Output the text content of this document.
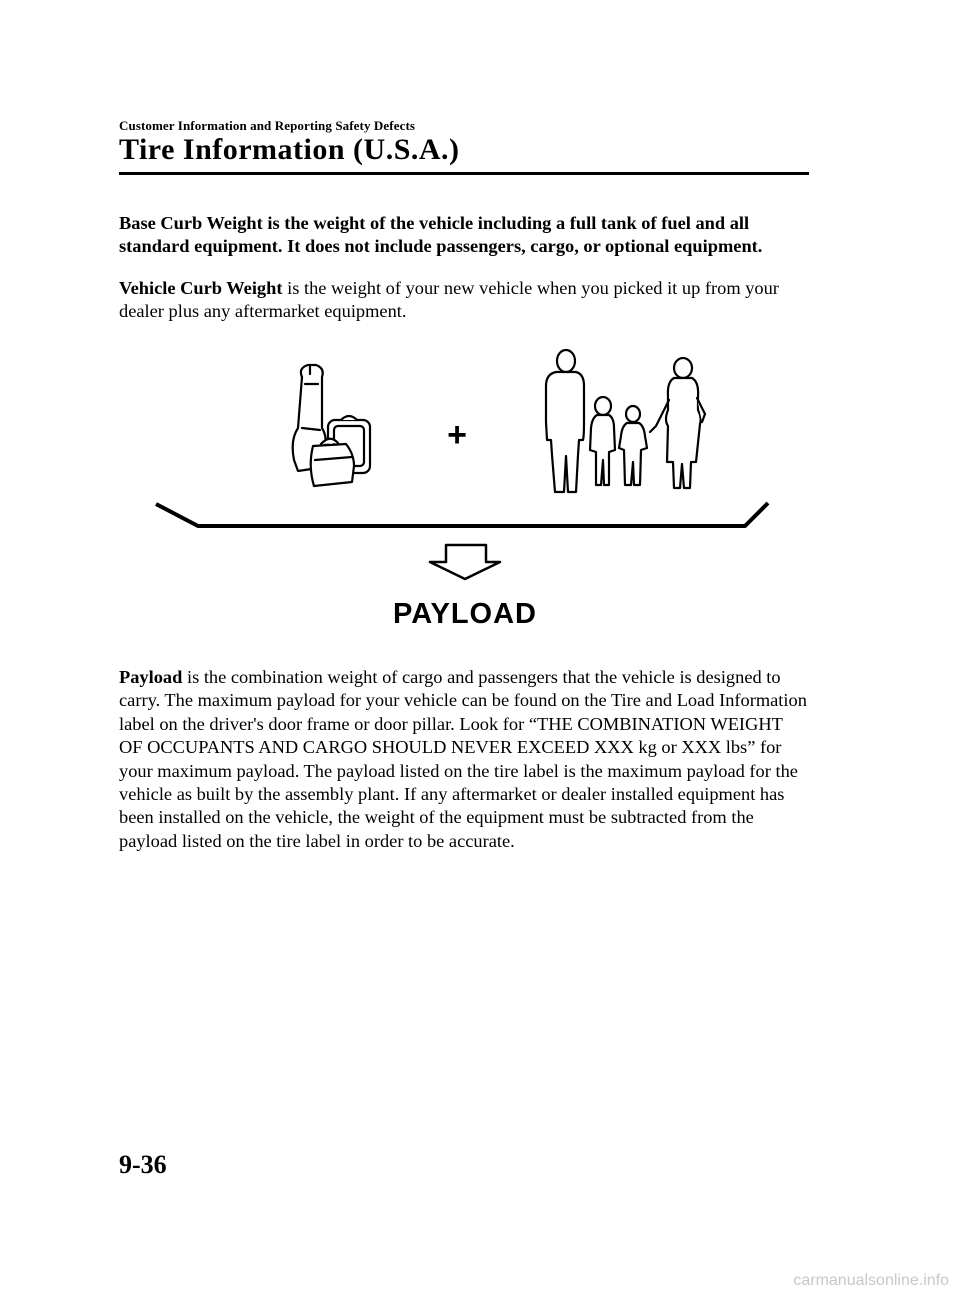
Customer Information and Reporting Safety Defects
Tire Information (U.S.A.)
Base Curb Weight is the weight of the vehicle including a full tank of fuel and all standard equipment. It does not include passengers, cargo, or optional equipment.
Vehicle Curb Weight is the weight of your new vehicle when you picked it up from your dealer plus any aftermarket equipment.
+
PAYLOAD
Payload is the combination weight of cargo and passengers that the vehicle is designed to carry. The maximum payload for your vehicle can be found on the Tire and Load Information label on the driver's door frame or door pillar. Look for “THE COMBINATION WEIGHT OF OCCUPANTS AND CARGO SHOULD NEVER EXCEED XXX kg or XXX lbs” for your maximum payload. The payload listed on the tire label is the maximum payload for the vehicle as built by the assembly plant. If any aftermarket or dealer installed equipment has been installed on the vehicle, the weight of the equipment must be subtracted from the payload listed on the tire label in order to be accurate.
9-36
carmanualsonline.info
